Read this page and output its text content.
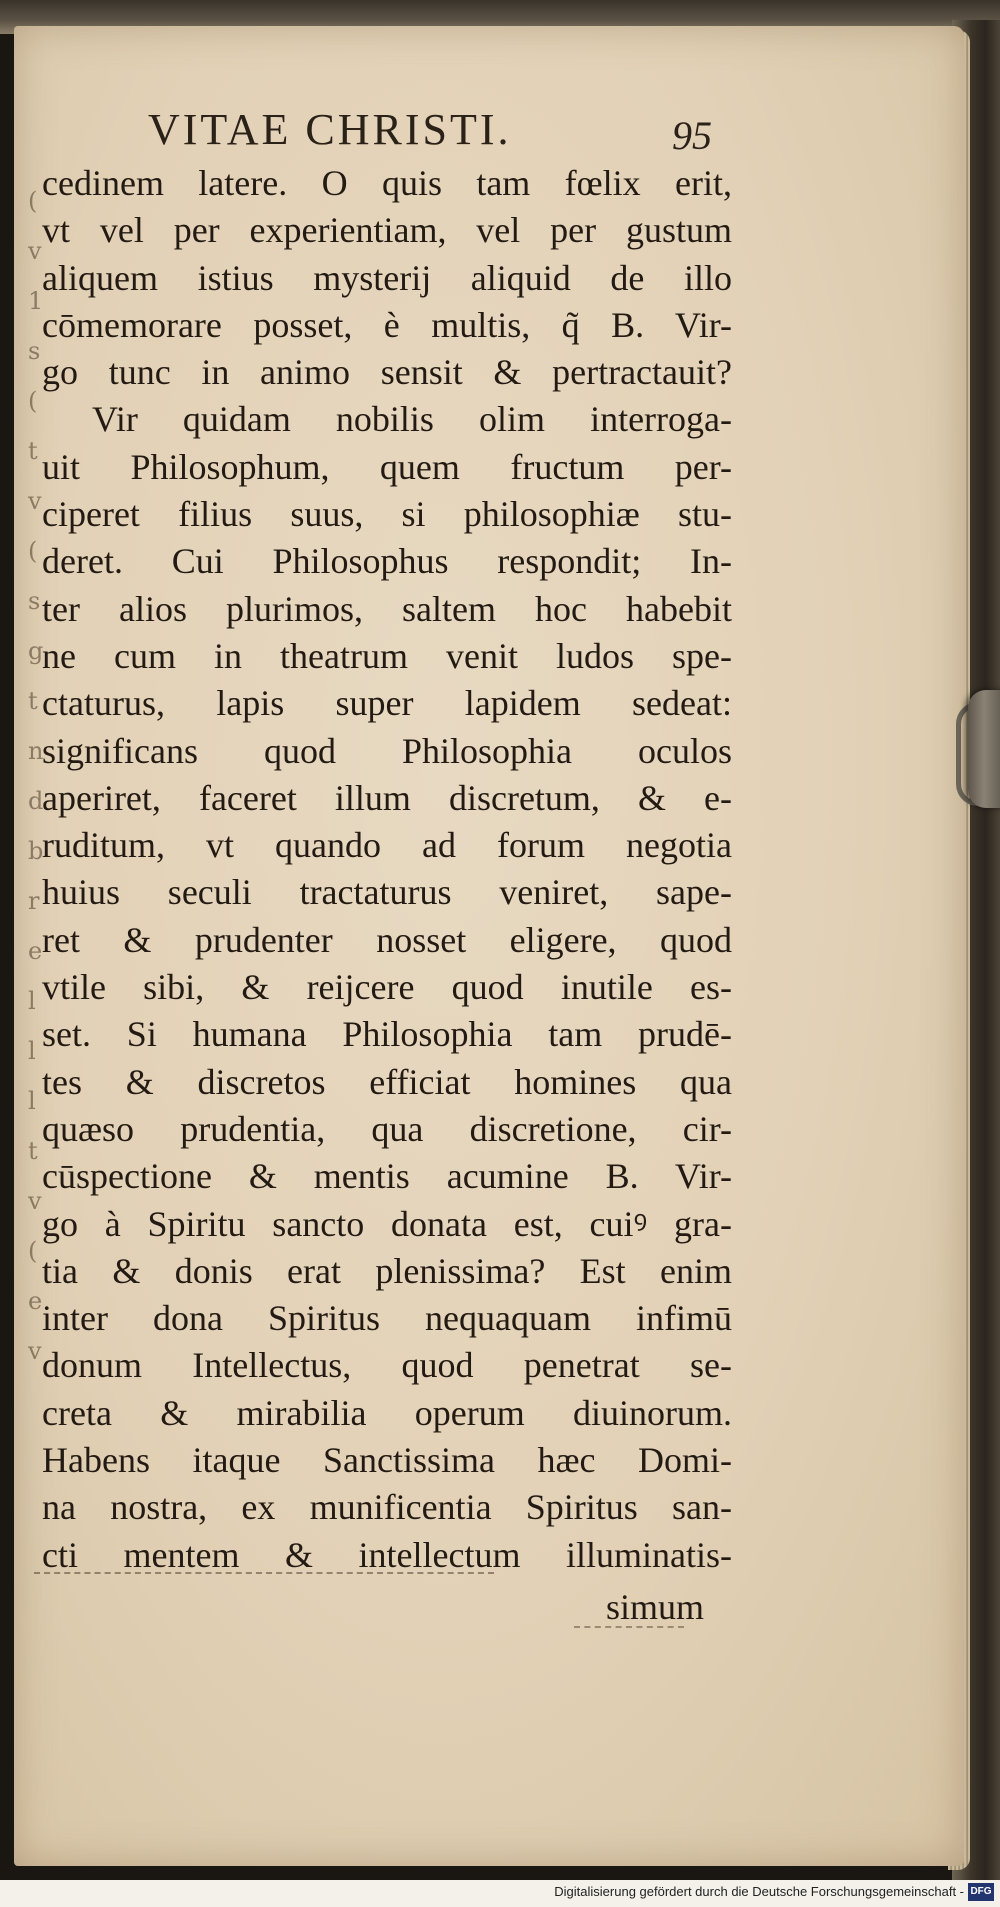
VITAE CHRISTI.	95
(
v
1
s
(
t
v
(
s
g
t
n
d
b
r
e
l
l
l
t
v
(
e
v
cedinem latere. O quis tam fœlix erit,
vt vel per experientiam, vel per gustum
aliquem istius mysterij aliquid de illo
cōmemorare posset, è multis, q̃ B. Vir-
go tunc in animo sensit & pertractauit?
Vir quidam nobilis olim interroga-
uit Philosophum, quem fructum per-
ciperet filius suus, si philosophiæ stu-
deret. Cui Philosophus respondit; In-
ter alios plurimos, saltem hoc habebit
ne cum in theatrum venit ludos spe-
ctaturus, lapis super lapidem sedeat:
significans quod Philosophia oculos
aperiret, faceret illum discretum, & e-
ruditum, vt quando ad forum negotia
huius seculi tractaturus veniret, sape-
ret & prudenter nosset eligere, quod
vtile sibi, & reijcere quod inutile es-
set. Si humana Philosophia tam prudē-
tes & discretos efficiat homines qua
quæso prudentia, qua discretione, cir-
cūspectione & mentis acumine B. Vir-
go à Spiritu sancto donata est, cuiꝰ gra-
tia & donis erat plenissima? Est enim
inter dona Spiritus nequaquam infimū
donum Intellectus, quod penetrat se-
creta & mirabilia operum diuinorum.
Habens itaque Sanctissima hæc Domi-
na nostra, ex munificentia Spiritus san-
cti mentem & intellectum illuminatis-
simum
Digitalisierung gefördert durch die Deutsche Forschungsgemeinschaft - DFG
